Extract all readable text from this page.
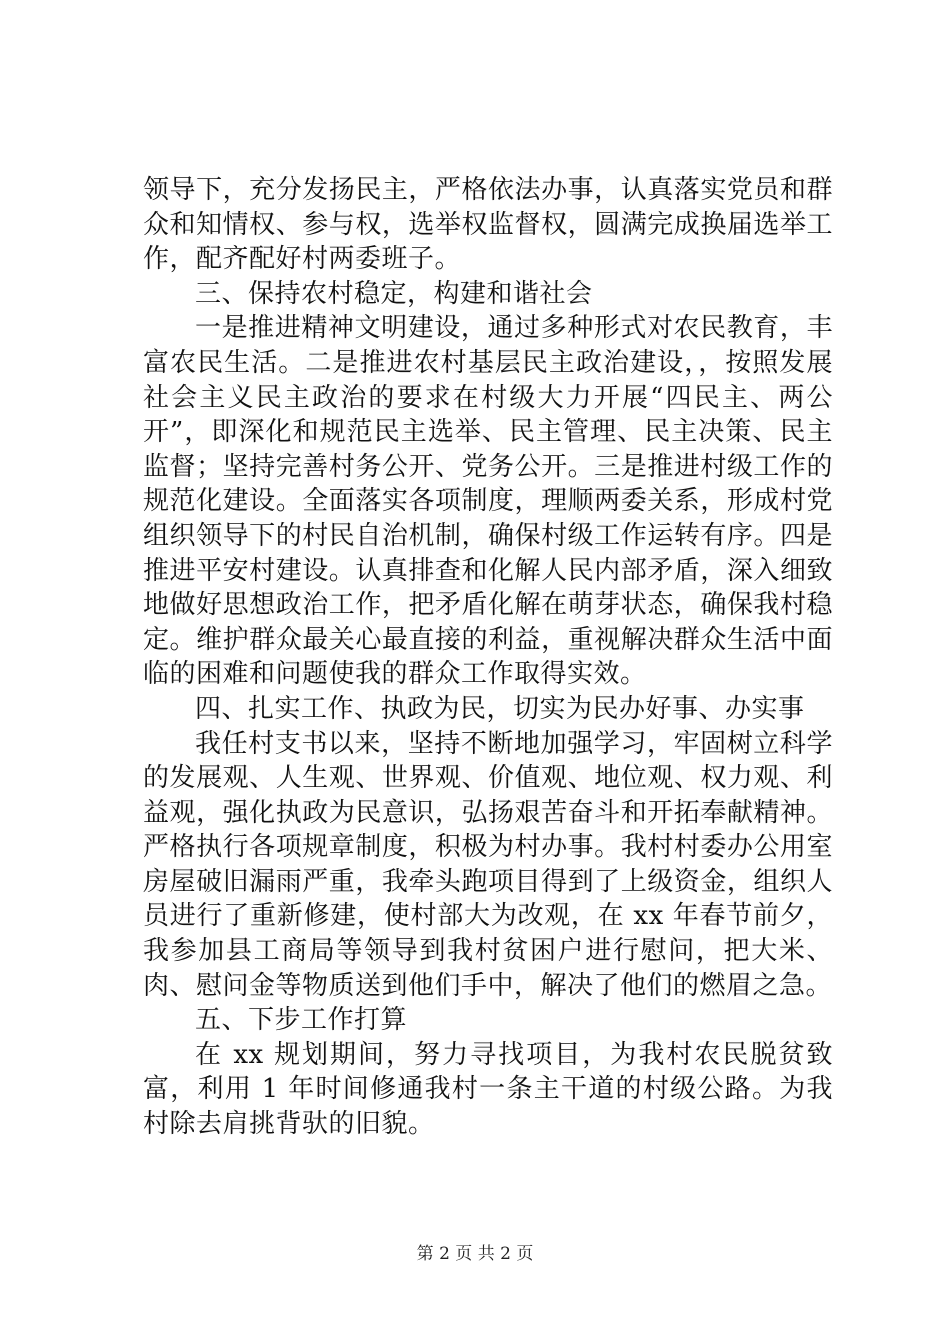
领导下，充分发扬民主，严格依法办事，认真落实党员和群众和知情权、参与权，选举权监督权，圆满完成换届选举工作，配齐配好村两委班子。

三、保持农村稳定，构建和谐社会

一是推进精神文明建设，通过多种形式对农民教育，丰富农民生活。二是推进农村基层民主政治建设，，按照发展社会主义民主政治的要求在村级大力开展“四民主、两公开”，即深化和规范民主选举、民主管理、民主决策、民主监督；坚持完善村务公开、党务公开。三是推进村级工作的规范化建设。全面落实各项制度，理顺两委关系，形成村党组织领导下的村民自治机制，确保村级工作运转有序。四是推进平安村建设。认真排查和化解人民内部矛盾，深入细致地做好思想政治工作，把矛盾化解在萌芽状态，确保我村稳定。维护群众最关心最直接的利益，重视解决群众生活中面临的困难和问题使我的群众工作取得实效。

四、扎实工作、执政为民，切实为民办好事、办实事

我任村支书以来，坚持不断地加强学习，牢固树立科学的发展观、人生观、世界观、价值观、地位观、权力观、利益观，强化执政为民意识，弘扬艰苦奋斗和开拓奉献精神。严格执行各项规章制度，积极为村办事。我村村委办公用室房屋破旧漏雨严重，我牵头跑项目得到了上级资金，组织人员进行了重新修建，使村部大为改观，在 xx 年春节前夕，我参加县工商局等领导到我村贫困户进行慰问，把大米、肉、慰问金等物质送到他们手中，解决了他们的燃眉之急。

五、下步工作打算

在 xx 规划期间，努力寻找项目，为我村农民脱贫致富，利用 1 年时间修通我村一条主干道的村级公路。为我村除去肩挑背驮的旧貌。

第 2 页 共 2 页
